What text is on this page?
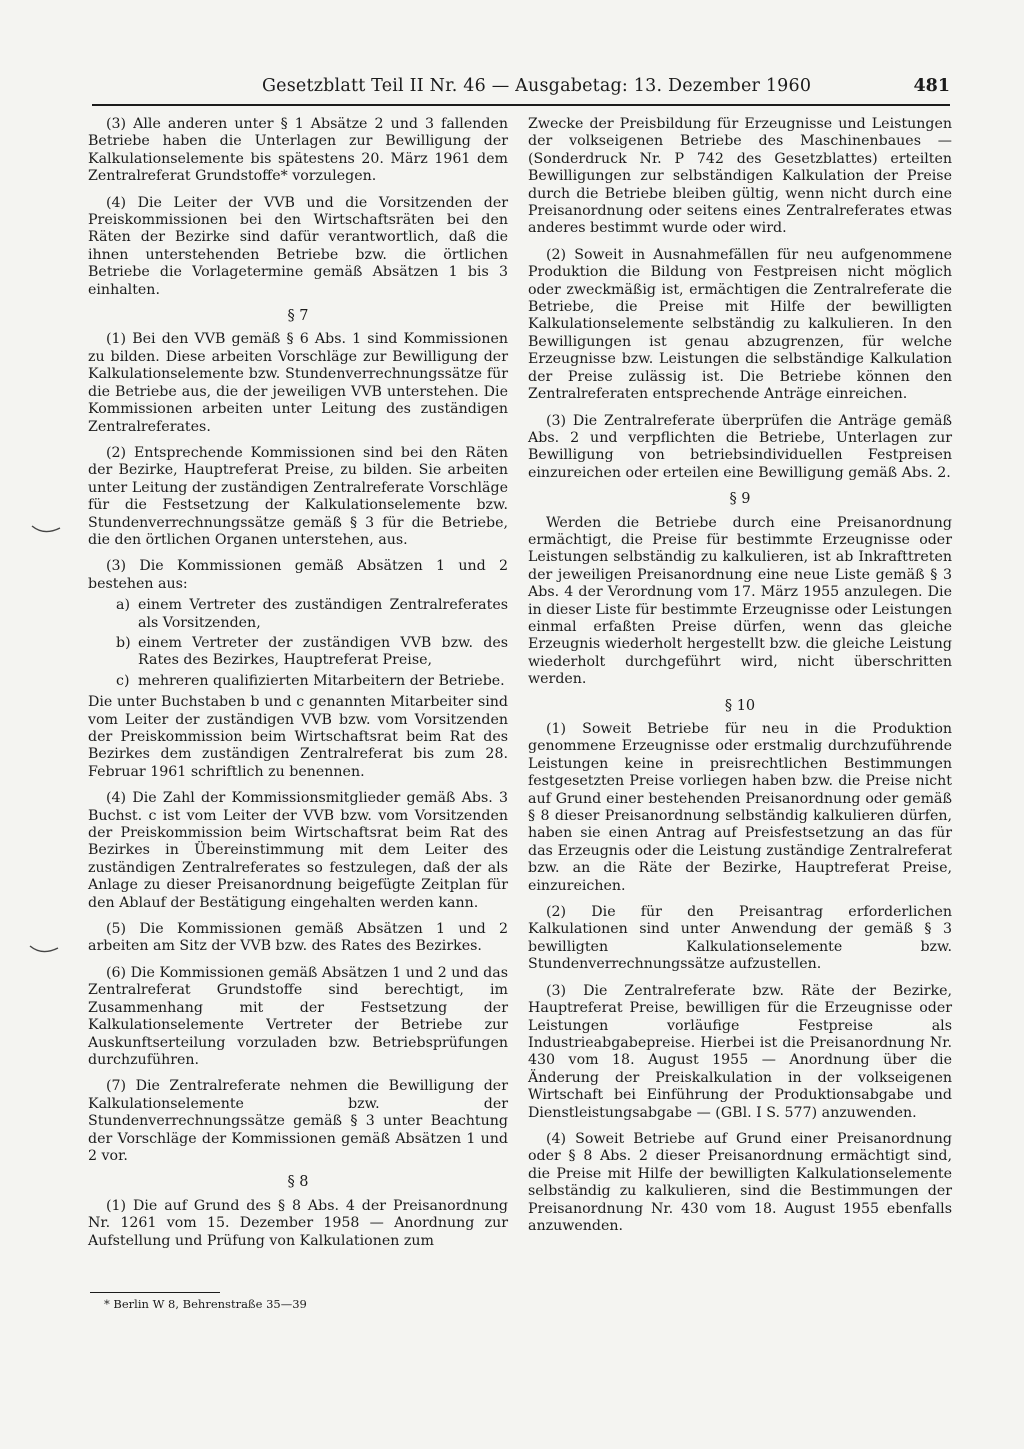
Gesetzblatt Teil II Nr. 46 — Ausgabetag: 13. Dezember 1960	481

(3) Alle anderen unter § 1 Absätze 2 und 3 fallenden Betriebe haben die Unterlagen zur Bewilligung der Kalkulationselemente bis spätestens 20. März 1961 dem Zentralreferat Grundstoffe* vorzulegen.

(4) Die Leiter der VVB und die Vorsitzenden der Preiskommissionen bei den Wirtschaftsräten bei den Räten der Bezirke sind dafür verantwortlich, daß die ihnen unterstehenden Betriebe bzw. die örtlichen Betriebe die Vorlagetermine gemäß Absätzen 1 bis 3 einhalten.

§ 7

(1) Bei den VVB gemäß § 6 Abs. 1 sind Kommissionen zu bilden. Diese arbeiten Vorschläge zur Bewilligung der Kalkulationselemente bzw. Stundenverrechnungssätze für die Betriebe aus, die der jeweiligen VVB unterstehen. Die Kommissionen arbeiten unter Leitung des zuständigen Zentralreferates.

(2) Entsprechende Kommissionen sind bei den Räten der Bezirke, Hauptreferat Preise, zu bilden. Sie arbeiten unter Leitung der zuständigen Zentralreferate Vorschläge für die Festsetzung der Kalkulationselemente bzw. Stundenverrechnungssätze gemäß § 3 für die Betriebe, die den örtlichen Organen unterstehen, aus.

(3) Die Kommissionen gemäß Absätzen 1 und 2 bestehen aus:

a) einem Vertreter des zuständigen Zentralreferates als Vorsitzenden,
b) einem Vertreter der zuständigen VVB bzw. des Rates des Bezirkes, Hauptreferat Preise,
c) mehreren qualifizierten Mitarbeitern der Betriebe.

Die unter Buchstaben b und c genannten Mitarbeiter sind vom Leiter der zuständigen VVB bzw. vom Vorsitzenden der Preiskommission beim Wirtschaftsrat beim Rat des Bezirkes dem zuständigen Zentralreferat bis zum 28. Februar 1961 schriftlich zu benennen.

(4) Die Zahl der Kommissionsmitglieder gemäß Abs. 3 Buchst. c ist vom Leiter der VVB bzw. vom Vorsitzenden der Preiskommission beim Wirtschaftsrat beim Rat des Bezirkes in Übereinstimmung mit dem Leiter des zuständigen Zentralreferates so festzulegen, daß der als Anlage zu dieser Preisanordnung beigefügte Zeitplan für den Ablauf der Bestätigung eingehalten werden kann.

(5) Die Kommissionen gemäß Absätzen 1 und 2 arbeiten am Sitz der VVB bzw. des Rates des Bezirkes.

(6) Die Kommissionen gemäß Absätzen 1 und 2 und das Zentralreferat Grundstoffe sind berechtigt, im Zusammenhang mit der Festsetzung der Kalkulationselemente Vertreter der Betriebe zur Auskunftserteilung vorzuladen bzw. Betriebsprüfungen durchzuführen.

(7) Die Zentralreferate nehmen die Bewilligung der Kalkulationselemente bzw. der Stundenverrechnungssätze gemäß § 3 unter Beachtung der Vorschläge der Kommissionen gemäß Absätzen 1 und 2 vor.

§ 8

(1) Die auf Grund des § 8 Abs. 4 der Preisanordnung Nr. 1261 vom 15. Dezember 1958 — Anordnung zur Aufstellung und Prüfung von Kalkulationen zum

* Berlin W 8, Behrenstraße 35—39

Zwecke der Preisbildung für Erzeugnisse und Leistungen der volkseigenen Betriebe des Maschinenbaues — (Sonderdruck Nr. P 742 des Gesetzblattes) erteilten Bewilligungen zur selbständigen Kalkulation der Preise durch die Betriebe bleiben gültig, wenn nicht durch eine Preisanordnung oder seitens eines Zentralreferates etwas anderes bestimmt wurde oder wird.

(2) Soweit in Ausnahmefällen für neu aufgenommene Produktion die Bildung von Festpreisen nicht möglich oder zweckmäßig ist, ermächtigen die Zentralreferate die Betriebe, die Preise mit Hilfe der bewilligten Kalkulationselemente selbständig zu kalkulieren. In den Bewilligungen ist genau abzugrenzen, für welche Erzeugnisse bzw. Leistungen die selbständige Kalkulation der Preise zulässig ist. Die Betriebe können den Zentralreferaten entsprechende Anträge einreichen.

(3) Die Zentralreferate überprüfen die Anträge gemäß Abs. 2 und verpflichten die Betriebe, Unterlagen zur Bewilligung von betriebsindividuellen Festpreisen einzureichen oder erteilen eine Bewilligung gemäß Abs. 2.

§ 9

Werden die Betriebe durch eine Preisanordnung ermächtigt, die Preise für bestimmte Erzeugnisse oder Leistungen selbständig zu kalkulieren, ist ab Inkrafttreten der jeweiligen Preisanordnung eine neue Liste gemäß § 3 Abs. 4 der Verordnung vom 17. März 1955 anzulegen. Die in dieser Liste für bestimmte Erzeugnisse oder Leistungen einmal erfaßten Preise dürfen, wenn das gleiche Erzeugnis wiederholt hergestellt bzw. die gleiche Leistung wiederholt durchgeführt wird, nicht überschritten werden.

§ 10

(1) Soweit Betriebe für neu in die Produktion genommene Erzeugnisse oder erstmalig durchzuführende Leistungen keine in preisrechtlichen Bestimmungen festgesetzten Preise vorliegen haben bzw. die Preise nicht auf Grund einer bestehenden Preisanordnung oder gemäß § 8 dieser Preisanordnung selbständig kalkulieren dürfen, haben sie einen Antrag auf Preisfestsetzung an das für das Erzeugnis oder die Leistung zuständige Zentralreferat bzw. an die Räte der Bezirke, Hauptreferat Preise, einzureichen.

(2) Die für den Preisantrag erforderlichen Kalkulationen sind unter Anwendung der gemäß § 3 bewilligten Kalkulationselemente bzw. Stundenverrechnungssätze aufzustellen.

(3) Die Zentralreferate bzw. Räte der Bezirke, Hauptreferat Preise, bewilligen für die Erzeugnisse oder Leistungen vorläufige Festpreise als Industrieabgabepreise. Hierbei ist die Preisanordnung Nr. 430 vom 18. August 1955 — Anordnung über die Änderung der Preiskalkulation in der volkseigenen Wirtschaft bei Einführung der Produktionsabgabe und Dienstleistungsabgabe — (GBl. I S. 577) anzuwenden.

(4) Soweit Betriebe auf Grund einer Preisanordnung oder § 8 Abs. 2 dieser Preisanordnung ermächtigt sind, die Preise mit Hilfe der bewilligten Kalkulationselemente selbständig zu kalkulieren, sind die Bestimmungen der Preisanordnung Nr. 430 vom 18. August 1955 ebenfalls anzuwenden.
